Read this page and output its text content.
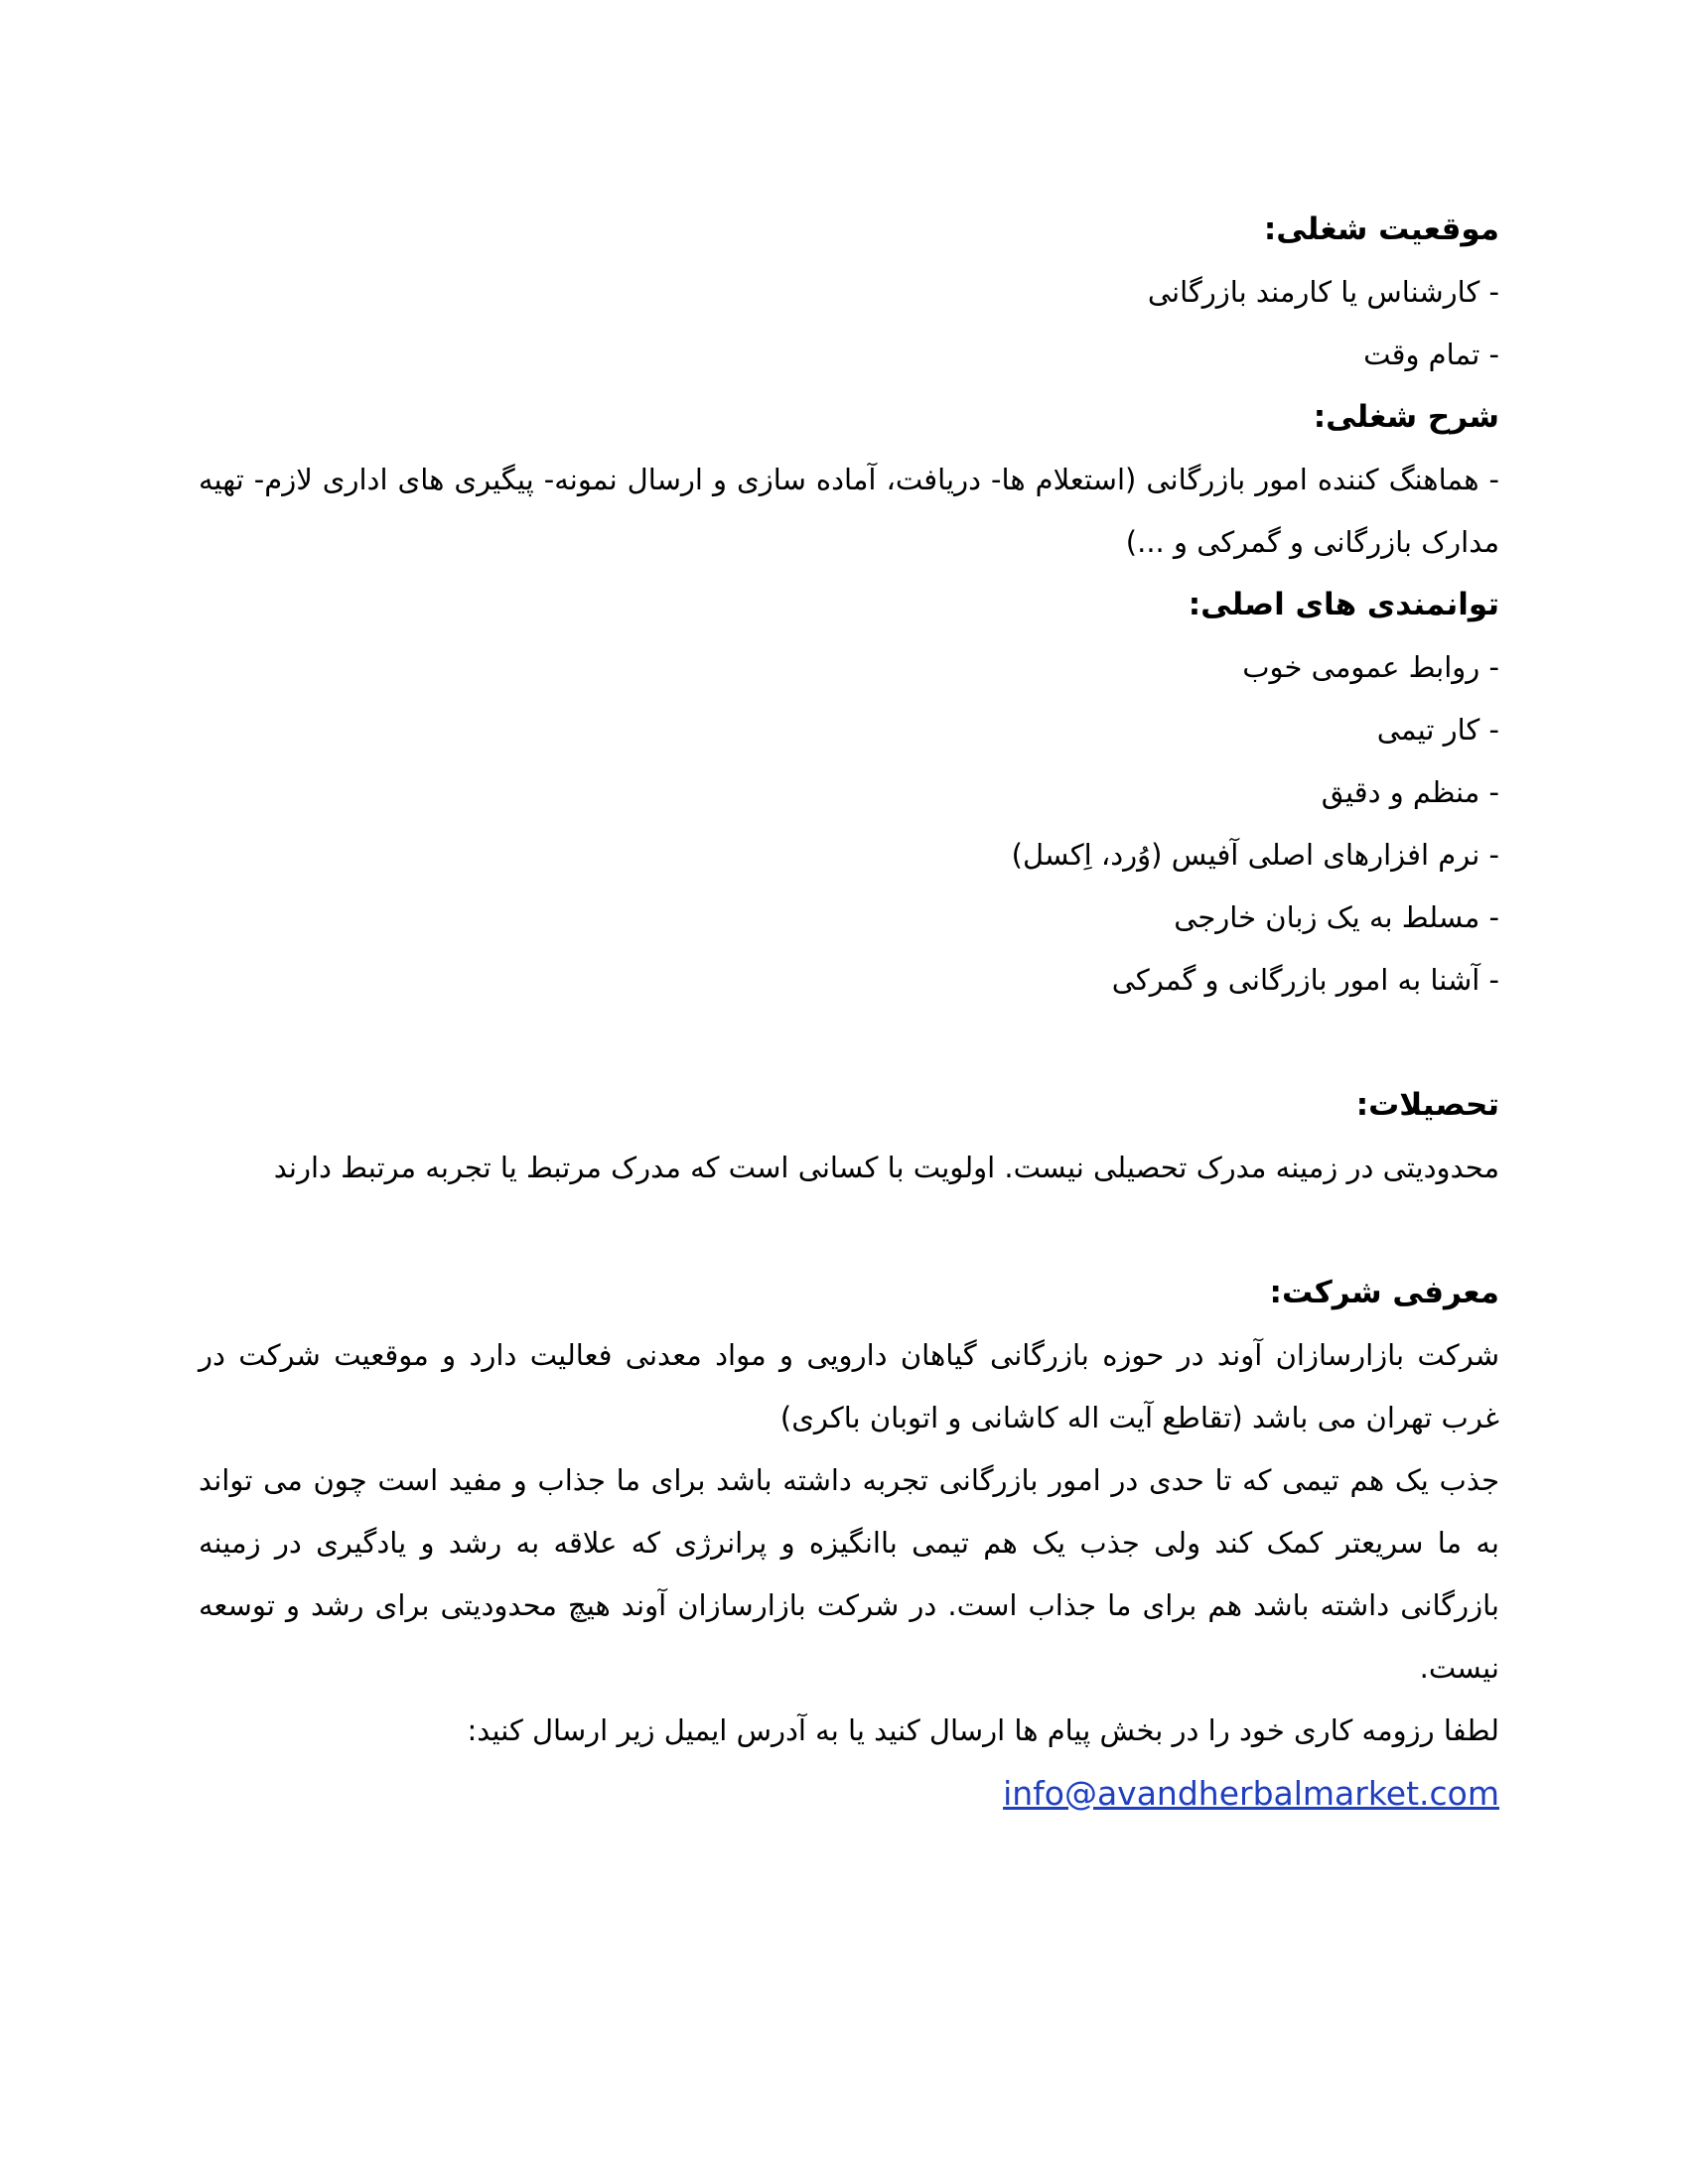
موقعیت شغلی:
- کارشناس یا کارمند بازرگانی
- تمام وقت
شرح شغلی:
- هماهنگ کننده امور بازرگانی (استعلام ها- دریافت، آماده سازی و ارسال نمونه- پیگیری های اداری لازم- تهیه مدارک بازرگانی و گمرکی و ...)
توانمندی های اصلی:
- روابط عمومی خوب
- کار تیمی
- منظم و دقیق
- نرم افزارهای اصلی آفیس (وُرد، اِکسل)
- مسلط به یک زبان خارجی
- آشنا به امور بازرگانی و گمرکی
تحصیلات:
محدودیتی در زمینه مدرک تحصیلی نیست. اولویت با کسانی است که مدرک مرتبط یا تجربه مرتبط دارند
معرفی شرکت:
شرکت بازارسازان آوند در حوزه بازرگانی گیاهان دارویی و مواد معدنی فعالیت دارد و موقعیت شرکت در غرب تهران می باشد (تقاطع آیت اله کاشانی و اتوبان باکری)
جذب یک هم تیمی که تا حدی در امور بازرگانی تجربه داشته باشد برای ما جذاب و مفید است چون می تواند به ما سریعتر کمک کند ولی جذب یک هم تیمی باانگیزه و پرانرژی که علاقه به رشد و یادگیری در زمینه بازرگانی داشته باشد هم برای ما جذاب است. در شرکت بازارسازان آوند هیچ محدودیتی برای رشد و توسعه نیست.
لطفا رزومه کاری خود را در بخش پیام ها ارسال کنید یا به آدرس ایمیل زیر ارسال کنید:
info@avandherbalmarket.com
